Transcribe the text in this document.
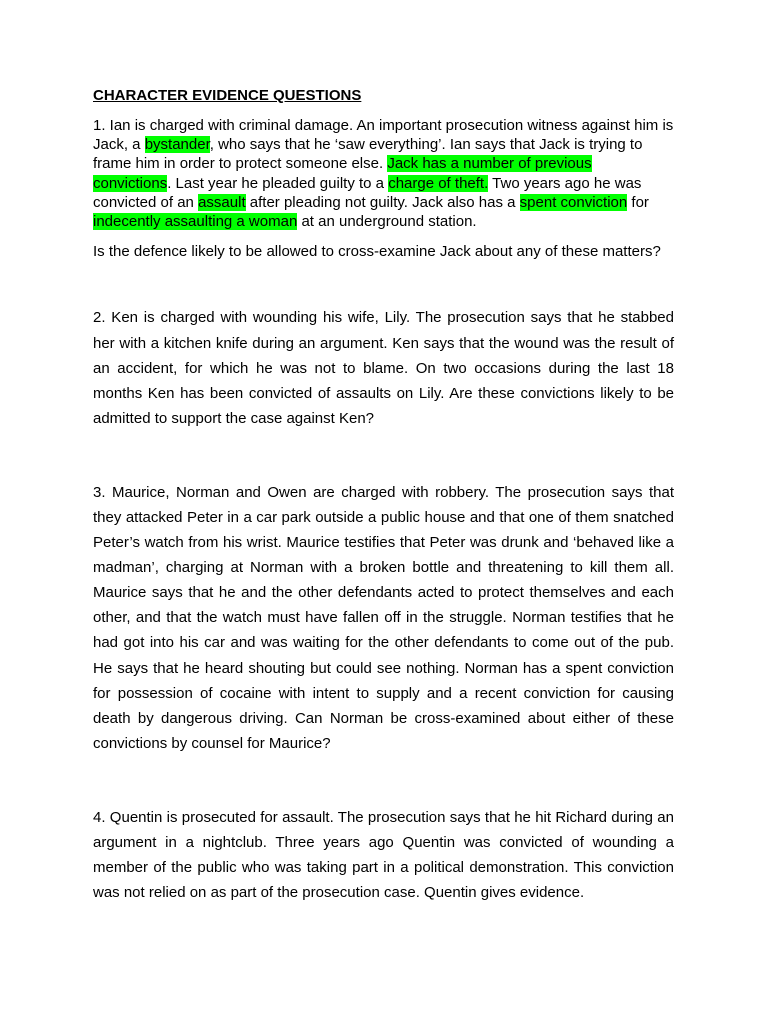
CHARACTER EVIDENCE QUESTIONS

1. Ian is charged with criminal damage. An important prosecution witness against him is Jack, a bystander, who says that he ‘saw everything’. Ian says that Jack is trying to frame him in order to protect someone else. Jack has a number of previous convictions. Last year he pleaded guilty to a charge of theft. Two years ago he was convicted of an assault after pleading not guilty. Jack also has a spent conviction for indecently assaulting a woman at an underground station.

Is the defence likely to be allowed to cross-examine Jack about any of these matters?

2. Ken is charged with wounding his wife, Lily. The prosecution says that he stabbed her with a kitchen knife during an argument. Ken says that the wound was the result of an accident, for which he was not to blame. On two occasions during the last 18 months Ken has been convicted of assaults on Lily. Are these convictions likely to be admitted to support the case against Ken?

3. Maurice, Norman and Owen are charged with robbery. The prosecution says that they attacked Peter in a car park outside a public house and that one of them snatched Peter’s watch from his wrist. Maurice testifies that Peter was drunk and ‘behaved like a madman’, charging at Norman with a broken bottle and threatening to kill them all. Maurice says that he and the other defendants acted to protect themselves and each other, and that the watch must have fallen off in the struggle. Norman testifies that he had got into his car and was waiting for the other defendants to come out of the pub. He says that he heard shouting but could see nothing. Norman has a spent conviction for possession of cocaine with intent to supply and a recent conviction for causing death by dangerous driving. Can Norman be cross-examined about either of these convictions by counsel for Maurice?

4. Quentin is prosecuted for assault. The prosecution says that he hit Richard during an argument in a nightclub. Three years ago Quentin was convicted of wounding a member of the public who was taking part in a political demonstration. This conviction was not relied on as part of the prosecution case. Quentin gives evidence.
